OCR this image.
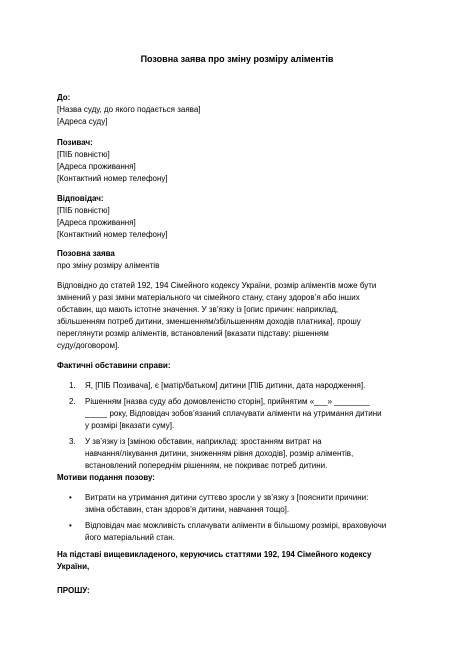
Позовна заява про зміну розміру аліментів

До:

[Назва суду, до якого подається заява]

[Адреса суду]

Позивач:

[ПІБ повністю]

[Адреса проживання]

[Контактний номер телефону]

Відповідач:

[ПІБ повністю]

[Адреса проживання]

[Контактний номер телефону]

Позовна заява

про зміну розміру аліментів

Відповідно до статей 192, 194 Сімейного кодексу України, розмір аліментів може бути

змінений у разі зміни матеріального чи сімейного стану, стану здоров’я або інших

обставин, що мають істотне значення. У зв’язку із [опис причин: наприклад,

збільшенням потреб дитини, зменшенням/збільшенням доходів платника], прошу

переглянути розмір аліментів, встановлений [вказати підставу: рішенням

суду/договором].

Фактичні обставини справи:

1. Я, [ПІБ Позивача], є [матір/батьком] дитини [ПІБ дитини, дата народження].
2. Рішенням [назва суду або домовленістю сторін], прийнятим «___» ________
_____ року, Відповідач зобов’язаний сплачувати аліменти на утримання дитини
у розмірі [вказати суму].
3. У зв’язку із [зміною обставин, наприклад: зростанням витрат на
навчання/лікування дитини, зниженням рівня доходів], розмір аліментів,
встановлений попереднім рішенням, не покриває потреб дитини.

Мотиви подання позову:

• Витрати на утримання дитини суттєво зросли у зв’язку з [пояснити причини:
зміна обставин, стан здоров’я дитини, навчання тощо].
• Відповідач має можливість сплачувати аліменти в більшому розмірі, враховуючи
його матеріальний стан.

На підставі вищевикладеного, керуючись статтями 192, 194 Сімейного кодексу

України,

ПРОШУ:
